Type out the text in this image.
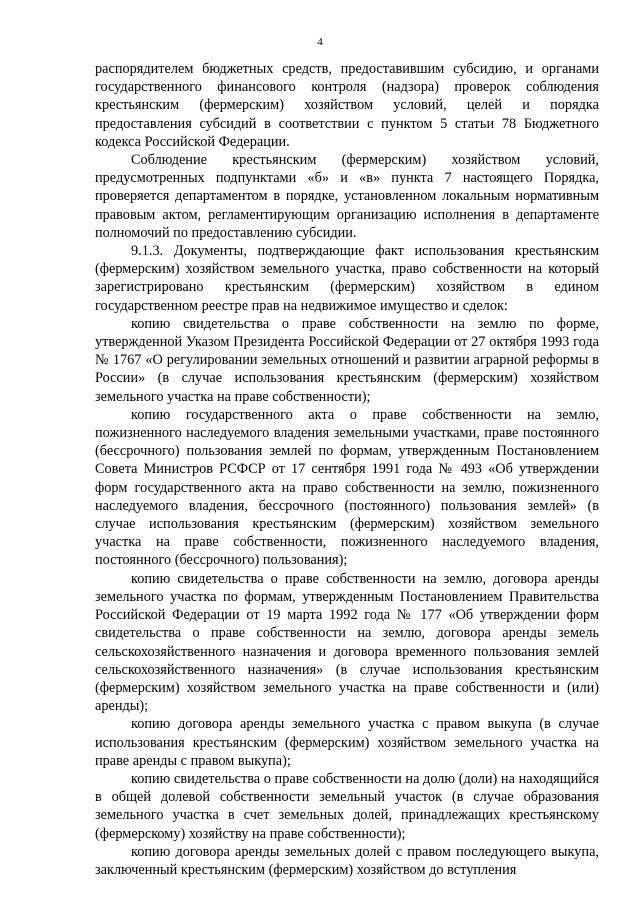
4

распорядителем бюджетных средств, предоставившим субсидию, и органами государственного финансового контроля (надзора) проверок соблюдения крестьянским (фермерским) хозяйством условий, целей и порядка предоставления субсидий в соответствии с пунктом 5 статьи 78 Бюджетного кодекса Российской Федерации.

Соблюдение крестьянским (фермерским) хозяйством условий, предусмотренных подпунктами «б» и «в» пункта 7 настоящего Порядка, проверяется департаментом в порядке, установленном локальным нормативным правовым актом, регламентирующим организацию исполнения в департаменте полномочий по предоставлению субсидии.

9.1.3. Документы, подтверждающие факт использования крестьянским (фермерским) хозяйством земельного участка, право собственности на который зарегистрировано крестьянским (фермерским) хозяйством в едином государственном реестре прав на недвижимое имущество и сделок:

копию свидетельства о праве собственности на землю по форме, утвержденной Указом Президента Российской Федерации от 27 октября 1993 года № 1767 «О регулировании земельных отношений и развитии аграрной реформы в России» (в случае использования крестьянским (фермерским) хозяйством земельного участка на праве собственности);

копию государственного акта о праве собственности на землю, пожизненного наследуемого владения земельными участками, праве постоянного (бессрочного) пользования землей по формам, утвержденным Постановлением Совета Министров РСФСР от 17 сентября 1991 года № 493 «Об утверждении форм государственного акта на право собственности на землю, пожизненного наследуемого владения, бессрочного (постоянного) пользования землей» (в случае использования крестьянским (фермерским) хозяйством земельного участка на праве собственности, пожизненного наследуемого владения, постоянного (бессрочного) пользования);

копию свидетельства о праве собственности на землю, договора аренды земельного участка по формам, утвержденным Постановлением Правительства Российской Федерации от 19 марта 1992 года № 177 «Об утверждении форм свидетельства о праве собственности на землю, договора аренды земель сельскохозяйственного назначения и договора временного пользования землей сельскохозяйственного назначения» (в случае использования крестьянским (фермерским) хозяйством земельного участка на праве собственности и (или) аренды);

копию договора аренды земельного участка с правом выкупа (в случае использования крестьянским (фермерским) хозяйством земельного участка на праве аренды с правом выкупа);

копию свидетельства о праве собственности на долю (доли) на находящийся в общей долевой собственности земельный участок (в случае образования земельного участка в счет земельных долей, принадлежащих крестьянскому (фермерскому) хозяйству на праве собственности);

копию договора аренды земельных долей с правом последующего выкупа, заключенный крестьянским (фермерским) хозяйством до вступления
